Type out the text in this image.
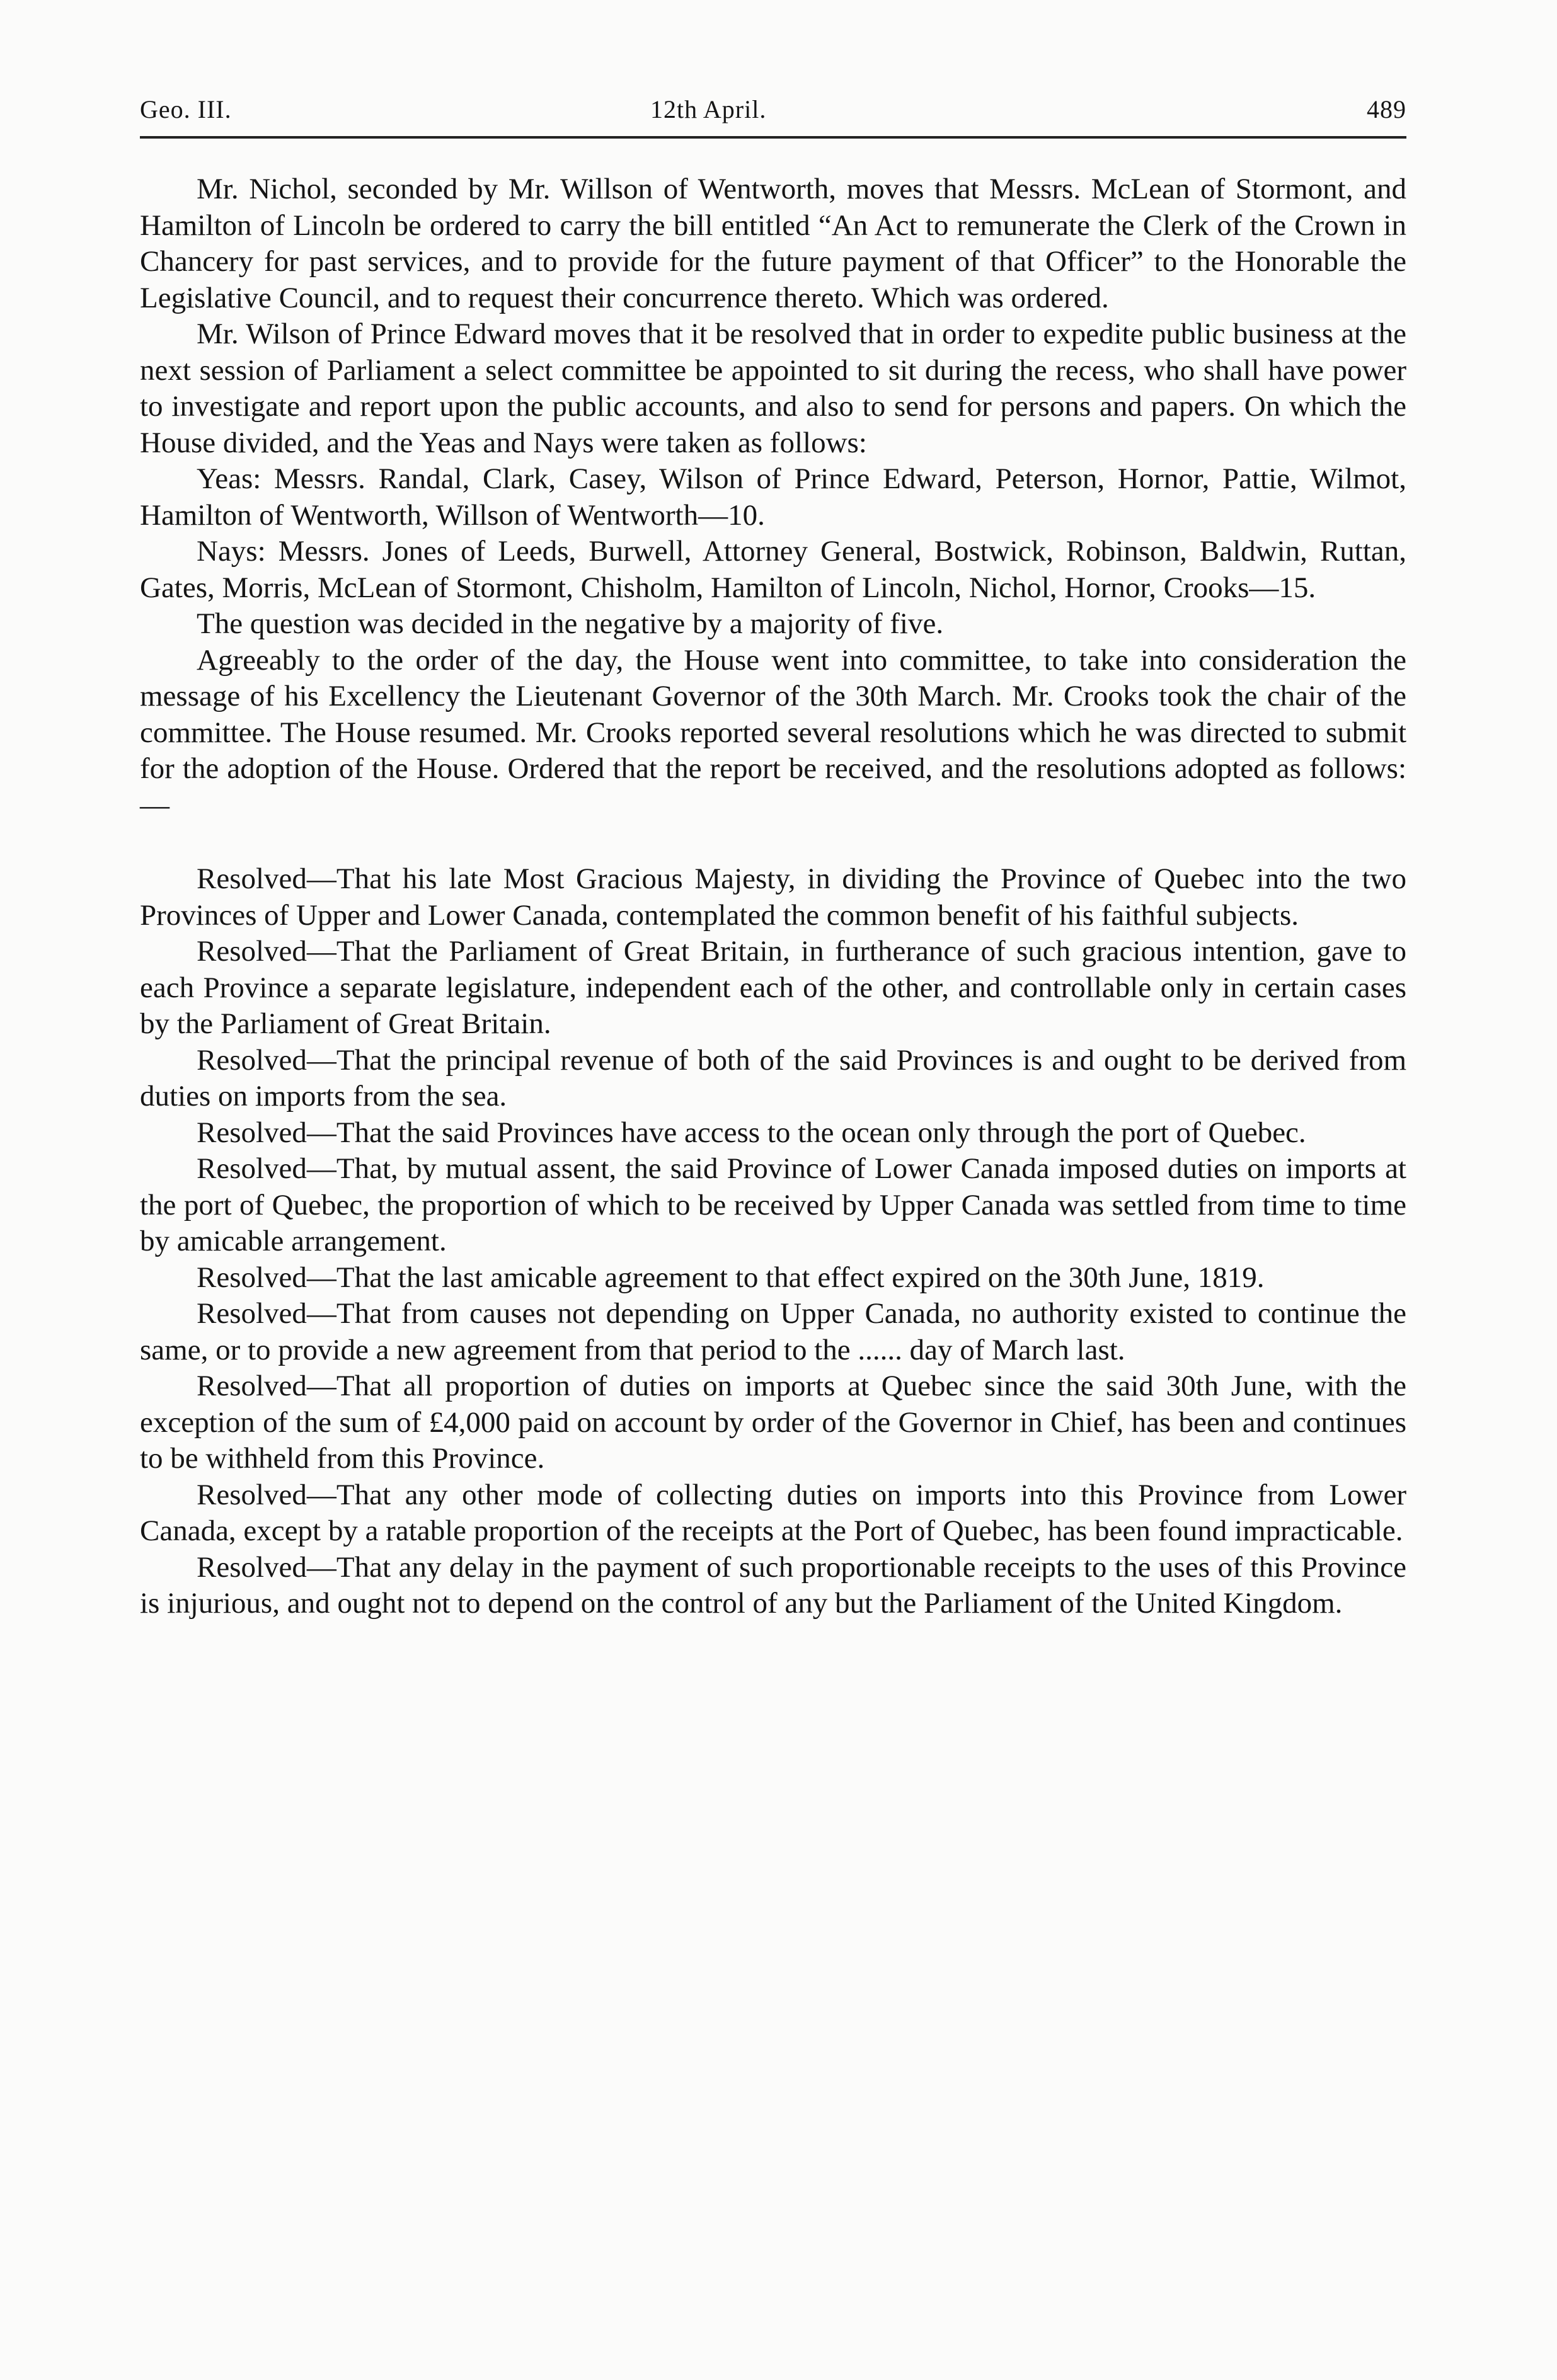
Geo. III.	12th April.	489

Mr. Nichol, seconded by Mr. Willson of Wentworth, moves that Messrs. McLean of Stormont, and Hamilton of Lincoln be ordered to carry the bill entitled “An Act to remunerate the Clerk of the Crown in Chancery for past services, and to provide for the future payment of that Officer” to the Honorable the Legislative Council, and to request their concurrence thereto. Which was ordered.

Mr. Wilson of Prince Edward moves that it be resolved that in order to expedite public business at the next session of Parliament a select committee be appointed to sit during the recess, who shall have power to investigate and report upon the public accounts, and also to send for persons and papers. On which the House divided, and the Yeas and Nays were taken as follows:

Yeas: Messrs. Randal, Clark, Casey, Wilson of Prince Edward, Peterson, Hornor, Pattie, Wilmot, Hamilton of Wentworth, Willson of Wentworth—10.

Nays: Messrs. Jones of Leeds, Burwell, Attorney General, Bostwick, Robinson, Baldwin, Ruttan, Gates, Morris, McLean of Stormont, Chisholm, Hamilton of Lincoln, Nichol, Hornor, Crooks—15.

The question was decided in the negative by a majority of five.

Agreeably to the order of the day, the House went into committee, to take into consideration the message of his Excellency the Lieutenant Governor of the 30th March. Mr. Crooks took the chair of the committee. The House resumed. Mr. Crooks reported several resolutions which he was directed to submit for the adoption of the House. Ordered that the report be received, and the resolutions adopted as follows:—

Resolved—That his late Most Gracious Majesty, in dividing the Province of Quebec into the two Provinces of Upper and Lower Canada, contemplated the common benefit of his faithful subjects.

Resolved—That the Parliament of Great Britain, in furtherance of such gracious intention, gave to each Province a separate legislature, independent each of the other, and controllable only in certain cases by the Parliament of Great Britain.

Resolved—That the principal revenue of both of the said Provinces is and ought to be derived from duties on imports from the sea.

Resolved—That the said Provinces have access to the ocean only through the port of Quebec.

Resolved—That, by mutual assent, the said Province of Lower Canada imposed duties on imports at the port of Quebec, the proportion of which to be received by Upper Canada was settled from time to time by amicable arrangement.

Resolved—That the last amicable agreement to that effect expired on the 30th June, 1819.

Resolved—That from causes not depending on Upper Canada, no authority existed to continue the same, or to provide a new agreement from that period to the ...... day of March last.

Resolved—That all proportion of duties on imports at Quebec since the said 30th June, with the exception of the sum of £4,000 paid on account by order of the Governor in Chief, has been and continues to be withheld from this Province.

Resolved—That any other mode of collecting duties on imports into this Province from Lower Canada, except by a ratable proportion of the receipts at the Port of Quebec, has been found impracticable.

Resolved—That any delay in the payment of such proportionable receipts to the uses of this Province is injurious, and ought not to depend on the control of any but the Parliament of the United Kingdom.
